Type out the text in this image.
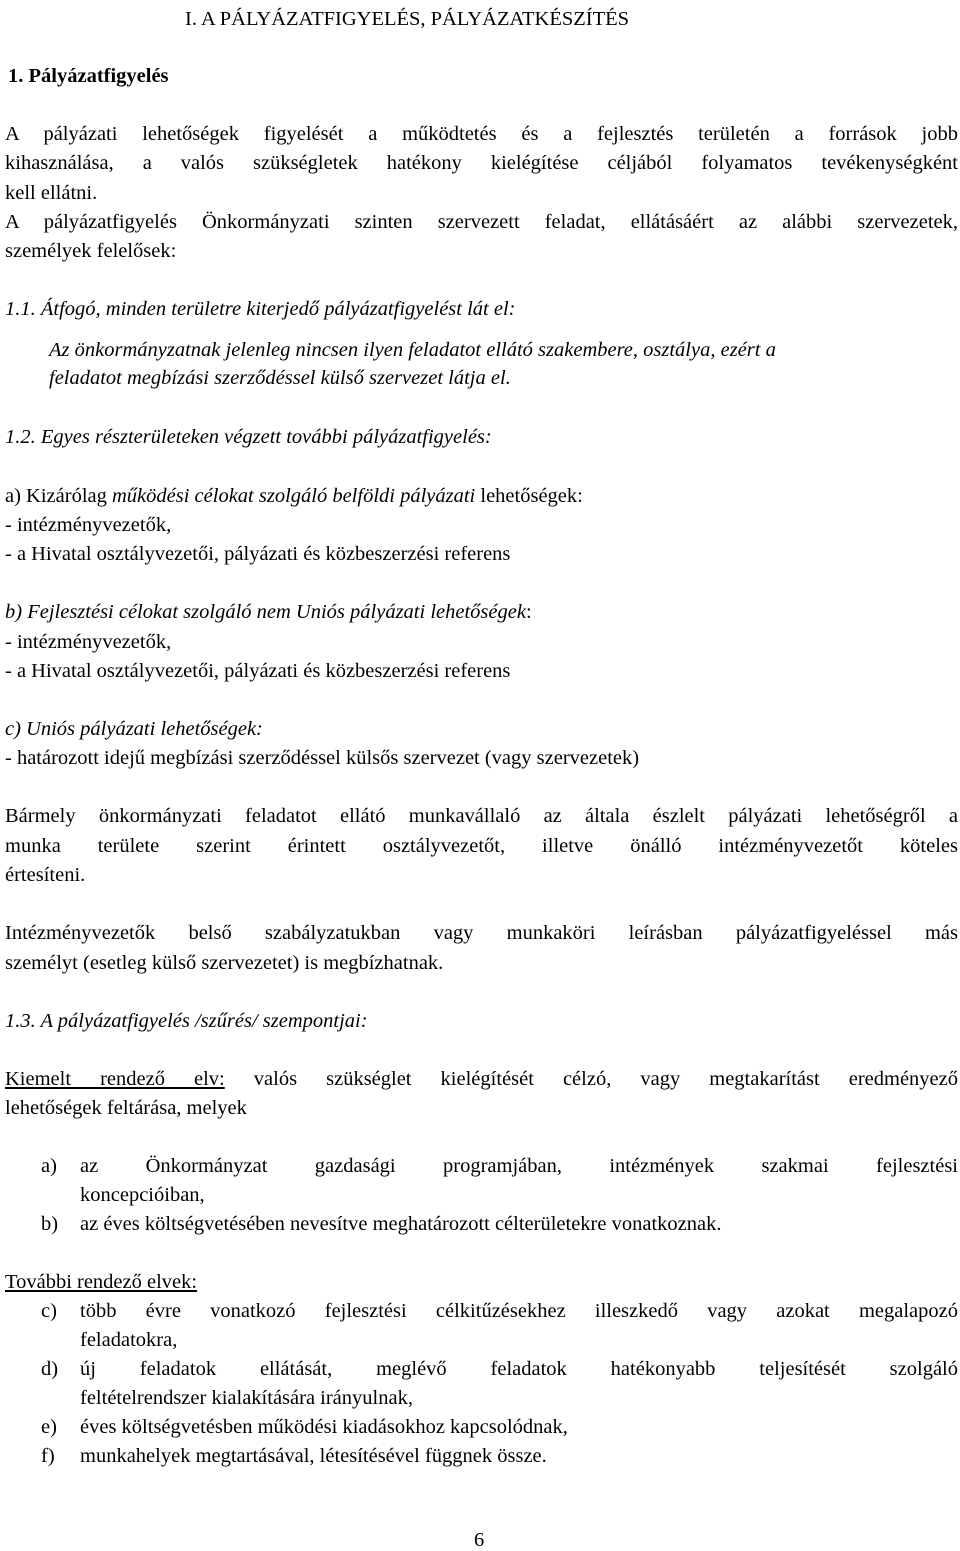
I. A PÁLYÁZATFIGYELÉS, PÁLYÁZATKÉSZÍTÉS
1. Pályázatfigyelés
A pályázati lehetőségek figyelését a működtetés és a fejlesztés területén a források jobb
kihasználása, a valós szükségletek hatékony kielégítése céljából folyamatos tevékenységként
kell ellátni.
A pályázatfigyelés Önkormányzati szinten szervezett feladat, ellátásáért az alábbi szervezetek,
személyek felelősek:
1.1. Átfogó, minden területre kiterjedő pályázatfigyelést lát el:
Az önkormányzatnak jelenleg nincsen ilyen feladatot ellátó szakembere, osztálya, ezért a
feladatot megbízási szerződéssel külső szervezet látja el.
1.2. Egyes részterületeken végzett további pályázatfigyelés:
a) Kizárólag működési célokat szolgáló belföldi pályázati lehetőségek:
- intézményvezetők,
- a Hivatal osztályvezetői, pályázati és közbeszerzési referens
b) Fejlesztési célokat szolgáló nem Uniós pályázati lehetőségek:
- intézményvezetők,
- a Hivatal osztályvezetői, pályázati és közbeszerzési referens
c) Uniós pályázati lehetőségek:
- határozott idejű megbízási szerződéssel külsős szervezet (vagy szervezetek)
Bármely önkormányzati feladatot ellátó munkavállaló az általa észlelt pályázati lehetőségről a
munka területe szerint érintett osztályvezetőt, illetve önálló intézményvezetőt köteles
értesíteni.
Intézményvezetők belső szabályzatukban vagy munkaköri leírásban pályázatfigyeléssel más
személyt (esetleg külső szervezetet) is megbízhatnak.
1.3. A pályázatfigyelés /szűrés/ szempontjai:
Kiemelt rendező elv: valós szükséglet kielégítését célzó, vagy megtakarítást eredményező
lehetőségek feltárása, melyek
a) az Önkormányzat gazdasági programjában, intézmények szakmai fejlesztési
koncepcióiban,
b) az éves költségvetésében nevesítve meghatározott célterületekre vonatkoznak.
További rendező elvek:
c) több évre vonatkozó fejlesztési célkitűzésekhez illeszkedő vagy azokat megalapozó
feladatokra,
d) új feladatok ellátását, meglévő feladatok hatékonyabb teljesítését szolgáló
feltételrendszer kialakítására irányulnak,
e) éves költségvetésben működési kiadásokhoz kapcsolódnak,
f) munkahelyek megtartásával, létesítésével függnek össze.
6
